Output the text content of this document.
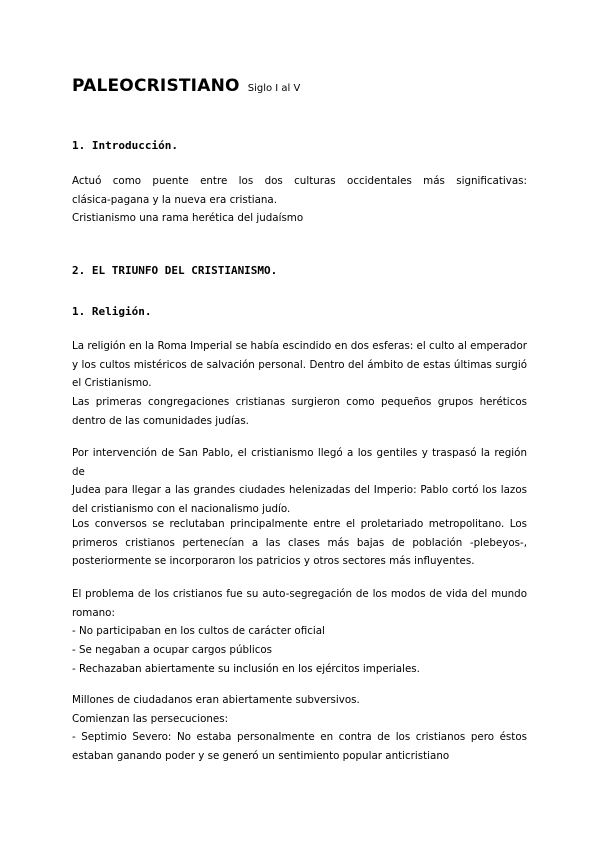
PALEOCRISTIANO Siglo I al V
1. Introducción.
Actuó como puente entre los dos culturas occidentales más significativas:
clásica-pagana y la nueva era cristiana.
Cristianismo una rama herética del judaísmo
2. EL TRIUNFO DEL CRISTIANISMO.
1. Religión.
La religión en la Roma Imperial se había escindido en dos esferas: el culto al emperador
y los cultos mistéricos de salvación personal. Dentro del ámbito de estas últimas surgió
el Cristianismo.
Las primeras congregaciones cristianas surgieron como pequeños grupos heréticos
dentro de las comunidades judías.
Por intervención de San Pablo, el cristianismo llegó a los gentiles y traspasó la región de
Judea para llegar a las grandes ciudades helenizadas del Imperio: Pablo cortó los lazos
del cristianismo con el nacionalismo judío.
Los conversos se reclutaban principalmente entre el proletariado metropolitano. Los
primeros cristianos pertenecían a las clases más bajas de población -plebeyos-,
posteriormente se incorporaron los patricios y otros sectores más influyentes.
El problema de los cristianos fue su auto-segregación de los modos de vida del mundo
romano:
- No participaban en los cultos de carácter oficial
- Se negaban a ocupar cargos públicos
- Rechazaban abiertamente su inclusión en los ejércitos imperiales.
Millones de ciudadanos eran abiertamente subversivos.
Comienzan las persecuciones:
- Septimio Severo: No estaba personalmente en contra de los cristianos pero éstos
estaban ganando poder y se generó un sentimiento popular anticristiano
